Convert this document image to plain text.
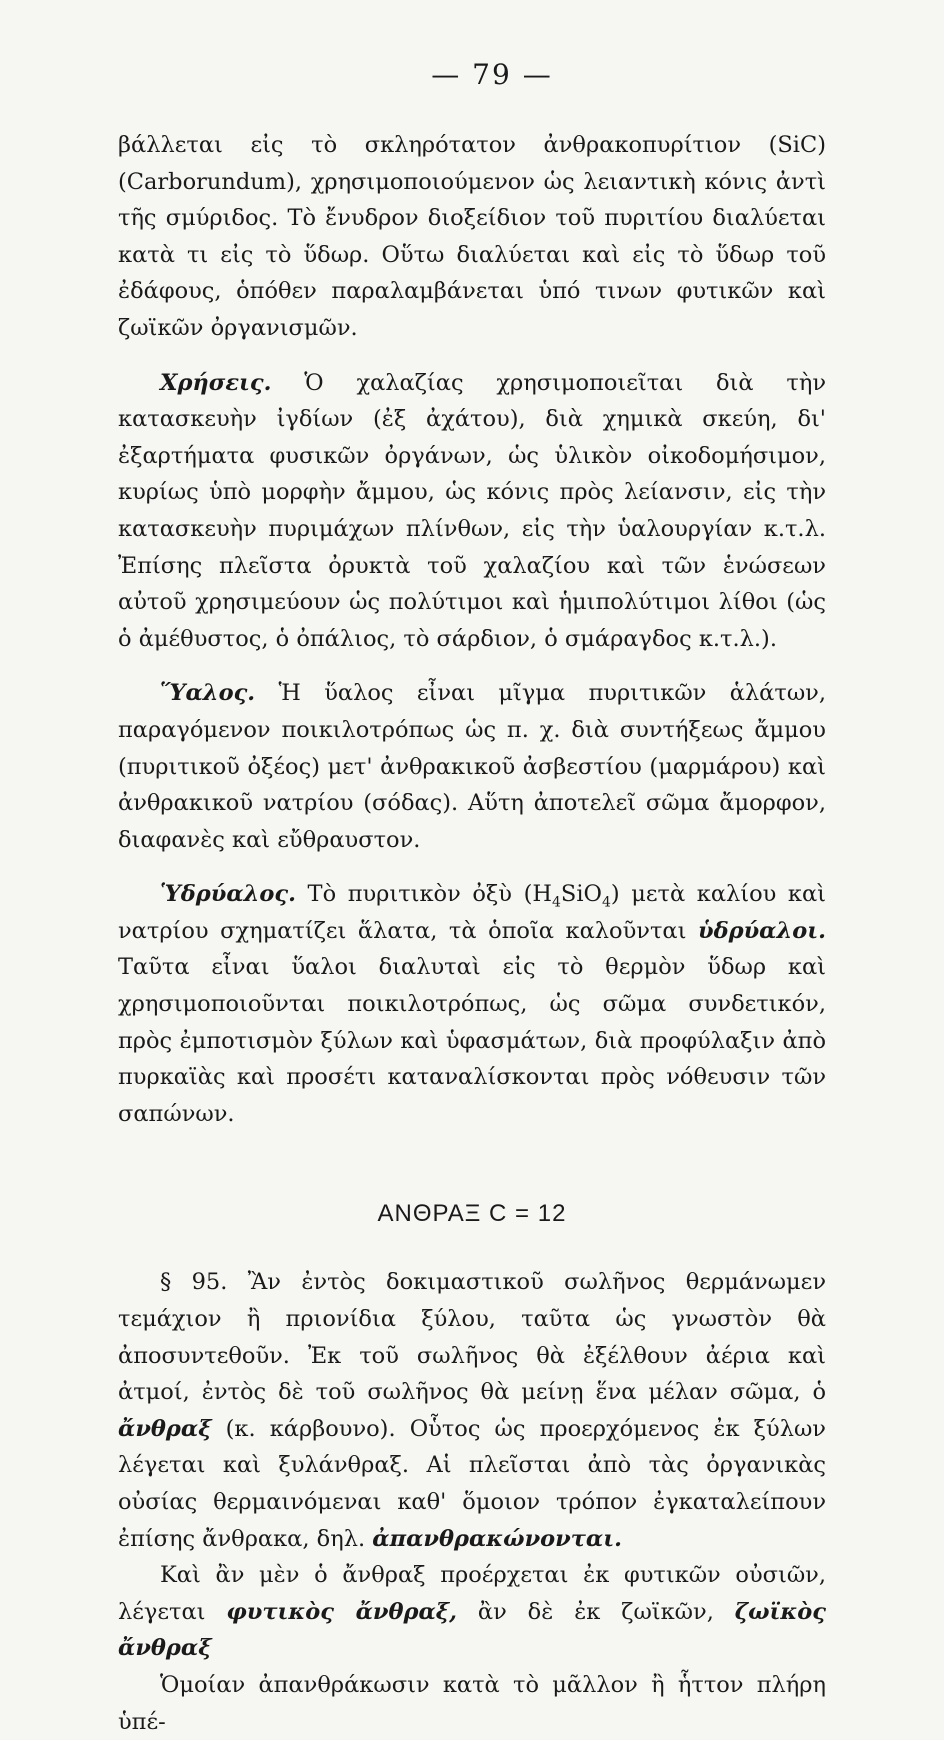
— 79 —

βάλλεται εἰς τὸ σκληρότατον ἀνθρακοπυρίτιον (SiC) (Carborundum), χρησιμοποιούμενον ὡς λειαντικὴ κόνις ἀντὶ τῆς σμύριδος. Τὸ ἔνυδρον διοξείδιον τοῦ πυριτίου διαλύεται κατὰ τι εἰς τὸ ὕδωρ. Οὕτω διαλύεται καὶ εἰς τὸ ὕδωρ τοῦ ἐδάφους, ὁπόθεν παραλαμβάνεται ὑπό τινων φυτικῶν καὶ ζωϊκῶν ὀργανισμῶν.

Χρήσεις. Ὁ χαλαζίας χρησιμοποιεῖται διὰ τὴν κατασκευὴν ἰγδίων (ἐξ ἀχάτου), διὰ χημικὰ σκεύη, δι' ἐξαρτήματα φυσικῶν ὀργάνων, ὡς ὑλικὸν οἰκοδομήσιμον, κυρίως ὑπὸ μορφὴν ἄμμου, ὡς κόνις πρὸς λείανσιν, εἰς τὴν κατασκευὴν πυριμάχων πλίνθων, εἰς τὴν ὑαλουργίαν κ.τ.λ. Ἐπίσης πλεῖστα ὀρυκτὰ τοῦ χαλαζίου καὶ τῶν ἑνώσεων αὐτοῦ χρησιμεύουν ὡς πολύτιμοι καὶ ἡμιπολύτιμοι λίθοι (ὡς ὁ ἀμέθυστος, ὁ ὀπάλιος, τὸ σάρδιον, ὁ σμάραγδος κ.τ.λ.).

Ὕαλος. Ἡ ὕαλος εἶναι μῖγμα πυριτικῶν ἁλάτων, παραγόμενον ποικιλοτρόπως ὡς π. χ. διὰ συντήξεως ἄμμου (πυριτικοῦ ὀξέος) μετ' ἀνθρακικοῦ ἀσβεστίου (μαρμάρου) καὶ ἀνθρακικοῦ νατρίου (σόδας). Αὕτη ἀποτελεῖ σῶμα ἄμορφον, διαφανὲς καὶ εὔθραυστον.

Ὑδρύαλος. Τὸ πυριτικὸν ὀξὺ $(H_4SiO_4)$ μετὰ καλίου καὶ νατρίου σχηματίζει ἅλατα, τὰ ὁποῖα καλοῦνται ὑδρύαλοι. Ταῦτα εἶναι ὕαλοι διαλυταὶ εἰς τὸ θερμὸν ὕδωρ καὶ χρησιμοποιοῦνται ποικιλοτρόπως, ὡς σῶμα συνδετικόν, πρὸς ἐμποτισμὸν ξύλων καὶ ὑφασμάτων, διὰ προφύλαξιν ἀπὸ πυρκαϊὰς καὶ προσέτι καταναλίσκονται πρὸς νόθευσιν τῶν σαπώνων.

ΑΝΘΡΑΞ C = 12

§ 95. Ἂν ἐντὸς δοκιμαστικοῦ σωλῆνος θερμάνωμεν τεμάχιον ἢ πριονίδια ξύλου, ταῦτα ὡς γνωστὸν θὰ ἀποσυντεθοῦν. Ἐκ τοῦ σωλῆνος θὰ ἐξέλθουν ἀέρια καὶ ἀτμοί, ἐντὸς δὲ τοῦ σωλῆνος θὰ μείνῃ ἕνα μέλαν σῶμα, ὁ ἄνθραξ (κ. κάρβουνο). Οὗτος ὡς προερχόμενος ἐκ ξύλων λέγεται καὶ ξυλάνθραξ. Αἱ πλεῖσται ἀπὸ τὰς ὀργανικὰς οὐσίας θερμαινόμεναι καθ' ὅμοιον τρόπον ἐγκαταλείπουν ἐπίσης ἄνθρακα, δηλ. ἀπανθρακώνονται.

Καὶ ἂν μὲν ὁ ἄνθραξ προέρχεται ἐκ φυτικῶν οὐσιῶν, λέγεται φυτικὸς ἄνθραξ, ἂν δὲ ἐκ ζωϊκῶν, ζωϊκὸς ἄνθραξ

Ὁμοίαν ἀπανθράκωσιν κατὰ τὸ μᾶλλον ἢ ἧττον πλήρη ὑπέ-
